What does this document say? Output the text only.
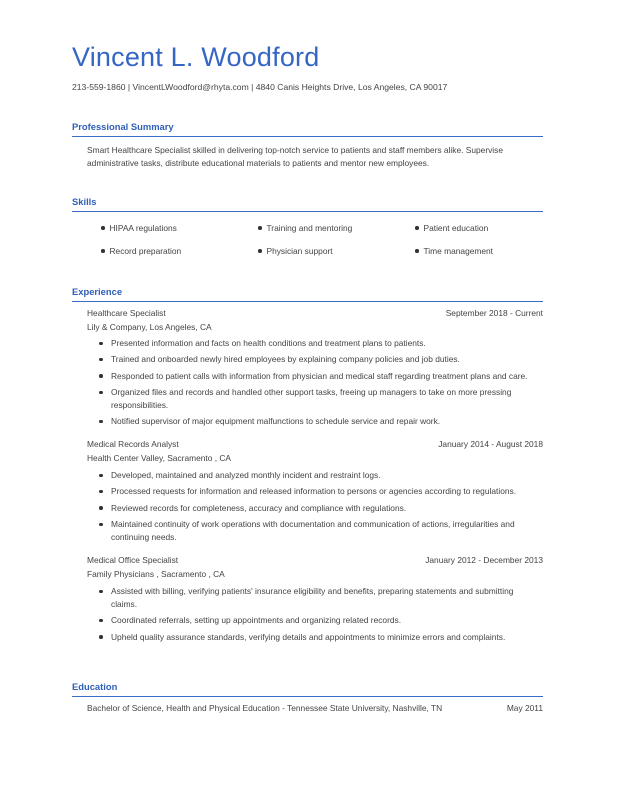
Vincent L. Woodford
213-559-1860 | VincentLWoodford@rhyta.com | 4840 Canis Heights Drive, Los Angeles, CA 90017
Professional Summary
Smart Healthcare Specialist skilled in delivering top-notch service to patients and staff members alike. Supervise administrative tasks, distribute educational materials to patients and mentor new employees.
Skills
HIPAA regulations	Training and mentoring	Patient education
Record preparation	Physician support	Time management
Experience
Healthcare Specialist	September 2018 - Current
Lily & Company, Los Angeles, CA
Presented information and facts on health conditions and treatment plans to patients.
Trained and onboarded newly hired employees by explaining company policies and job duties.
Responded to patient calls with information from physician and medical staff regarding treatment plans and care.
Organized files and records and handled other support tasks, freeing up managers to take on more pressing responsibilities.
Notified supervisor of major equipment malfunctions to schedule service and repair work.
Medical Records Analyst	January 2014 - August 2018
Health Center Valley, Sacramento , CA
Developed, maintained and analyzed monthly incident and restraint logs.
Processed requests for information and released information to persons or agencies according to regulations.
Reviewed records for completeness, accuracy and compliance with regulations.
Maintained continuity of work operations with documentation and communication of actions, irregularities and continuing needs.
Medical Office Specialist	January 2012 - December 2013
Family Physicians , Sacramento , CA
Assisted with billing, verifying patients' insurance eligibility and benefits, preparing statements and submitting claims.
Coordinated referrals, setting up appointments and organizing related records.
Upheld quality assurance standards, verifying details and appointments to minimize errors and complaints.
Education
Bachelor of Science, Health and Physical Education - Tennessee State University, Nashville, TN	May 2011
